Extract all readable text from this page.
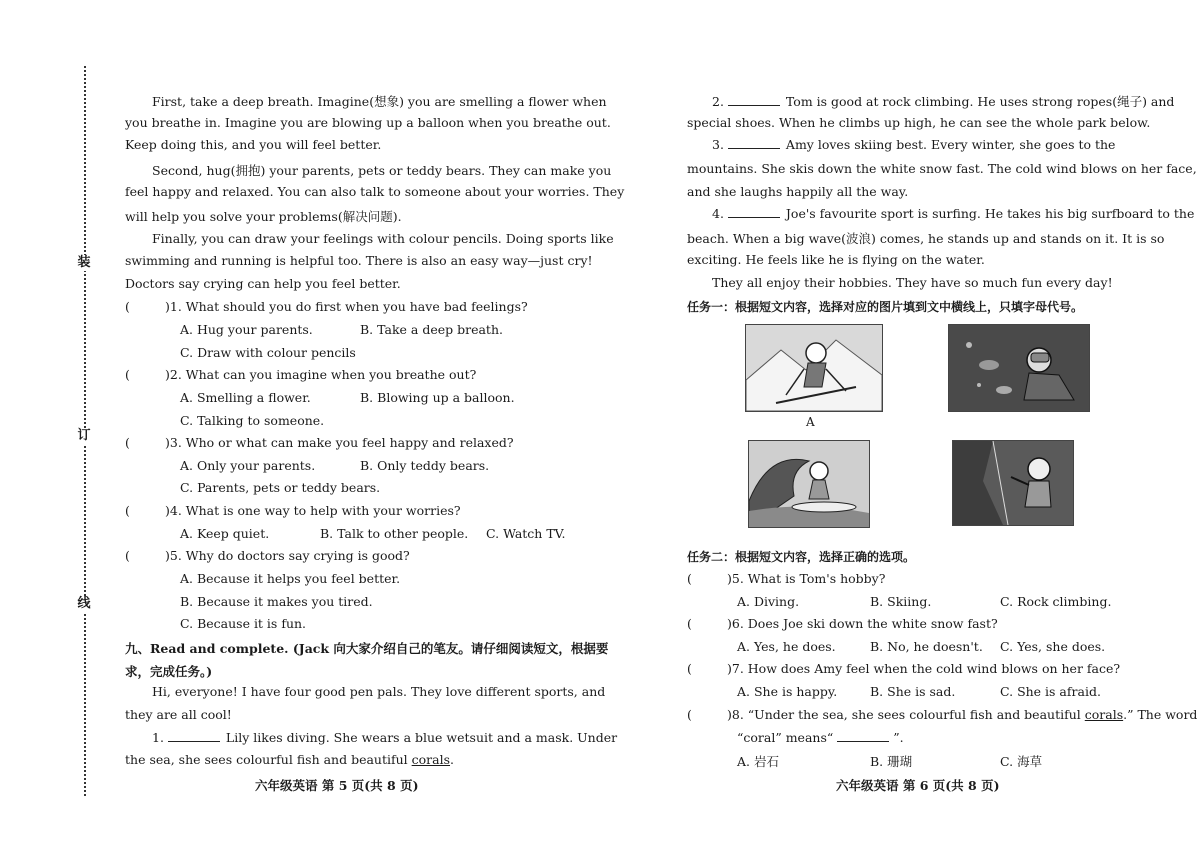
装
订
线
First, take a deep breath. Imagine(想象) you are smelling a flower when
you breathe in. Imagine you are blowing up a balloon when you breathe out.
Keep doing this, and you will feel better.
Second, hug(拥抱) your parents, pets or teddy bears. They can make you
feel happy and relaxed. You can also talk to someone about your worries. They
will help you solve your problems(解决问题).
Finally, you can draw your feelings with colour pencils. Doing sports like
swimming and running is helpful too. There is also an easy way—just cry!
Doctors say crying can help you feel better.
(	)1. What should you do first when you have bad feelings?
A. Hug your parents.	B. Take a deep breath.
C. Draw with colour pencils
(	)2. What can you imagine when you breathe out?
A. Smelling a flower.	B. Blowing up a balloon.
C. Talking to someone.
(	)3. Who or what can make you feel happy and relaxed?
A. Only your parents.	B. Only teddy bears.
C. Parents, pets or teddy bears.
(	)4. What is one way to help with your worries?
A. Keep quiet.	B. Talk to other people. C. Watch TV.
(	)5. Why do doctors say crying is good?
A. Because it helps you feel better.
B. Because it makes you tired.
C. Because it is fun.
九、Read and complete. (Jack 向大家介绍自己的笔友。请仔细阅读短文，根据要
求，完成任务。)
Hi, everyone! I have four good pen pals. They love different sports, and
they are all cool!
1.	Lily likes diving. She wears a blue wetsuit and a mask. Under
the sea, she sees colourful fish and beautiful corals.
六年级英语 第 5 页(共 8 页)
2.	Tom is good at rock climbing. He uses strong ropes(绳子) and
special shoes. When he climbs up high, he can see the whole park below.
3.	Amy loves skiing best. Every winter, she goes to the
mountains. She skis down the white snow fast. The cold wind blows on her face,
and she laughs happily all the way.
4.	Joe's favourite sport is surfing. He takes his big surfboard to the
beach. When a big wave(波浪) comes, he stands up and stands on it. It is so
exciting. He feels like he is flying on the water.
They all enjoy their hobbies. They have so much fun every day!
任务一：根据短文内容，选择对应的图片填到文中横线上，只填字母代号。
A
任务二：根据短文内容，选择正确的选项。
(	)5. What is Tom's hobby?
A. Diving.	B. Skiing.	C. Rock climbing.
(	)6. Does Joe ski down the white snow fast?
A. Yes, he does.	B. No, he doesn't. C. Yes, she does.
(	)7. How does Amy feel when the cold wind blows on her face?
A. She is happy.	B. She is sad.	C. She is afraid.
(	)8. “Under the sea, she sees colourful fish and beautiful corals.” The word
“coral” means“	”.
A. 岩石	B. 珊瑚	C. 海草
六年级英语 第 6 页(共 8 页)
